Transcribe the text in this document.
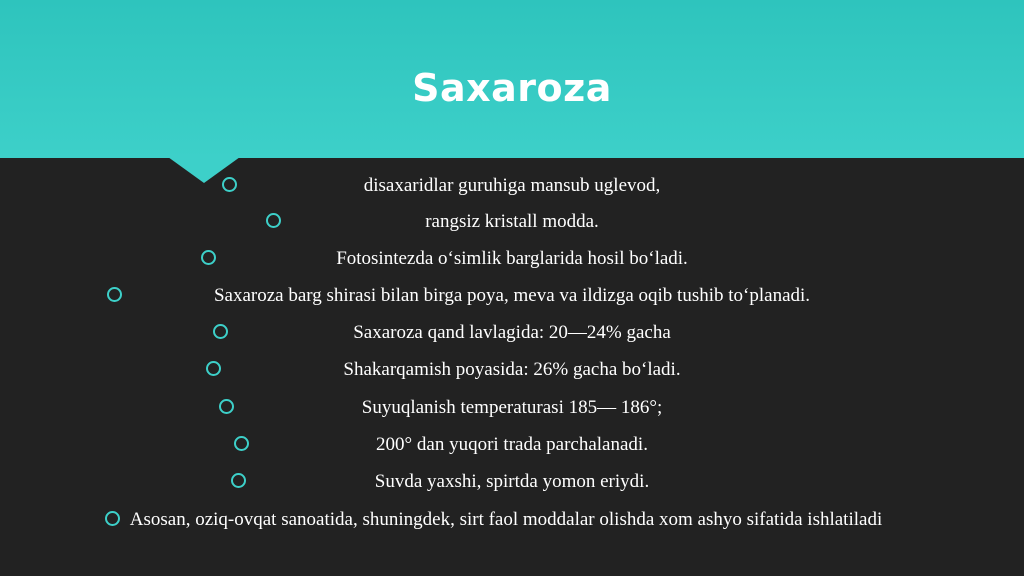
Saxaroza
disaxaridlar guruhiga mansub uglevod,
rangsiz kristall modda.
Fotosintezda o‘simlik barglarida hosil bo‘ladi.
Saxaroza barg shirasi bilan birga poya, meva va ildizga oqib tushib to‘planadi.
Saxaroza qand lavlagida: 20—24% gacha
Shakarqamish poyasida: 26% gacha bo‘ladi.
Suyuqlanish temperaturasi 185— 186°;
200° dan yuqori trada parchalanadi.
Suvda yaxshi, spirtda yomon eriydi.
Asosan, oziq-ovqat sanoatida, shuningdek, sirt faol moddalar olishda xom ashyo sifatida ishlatiladi
